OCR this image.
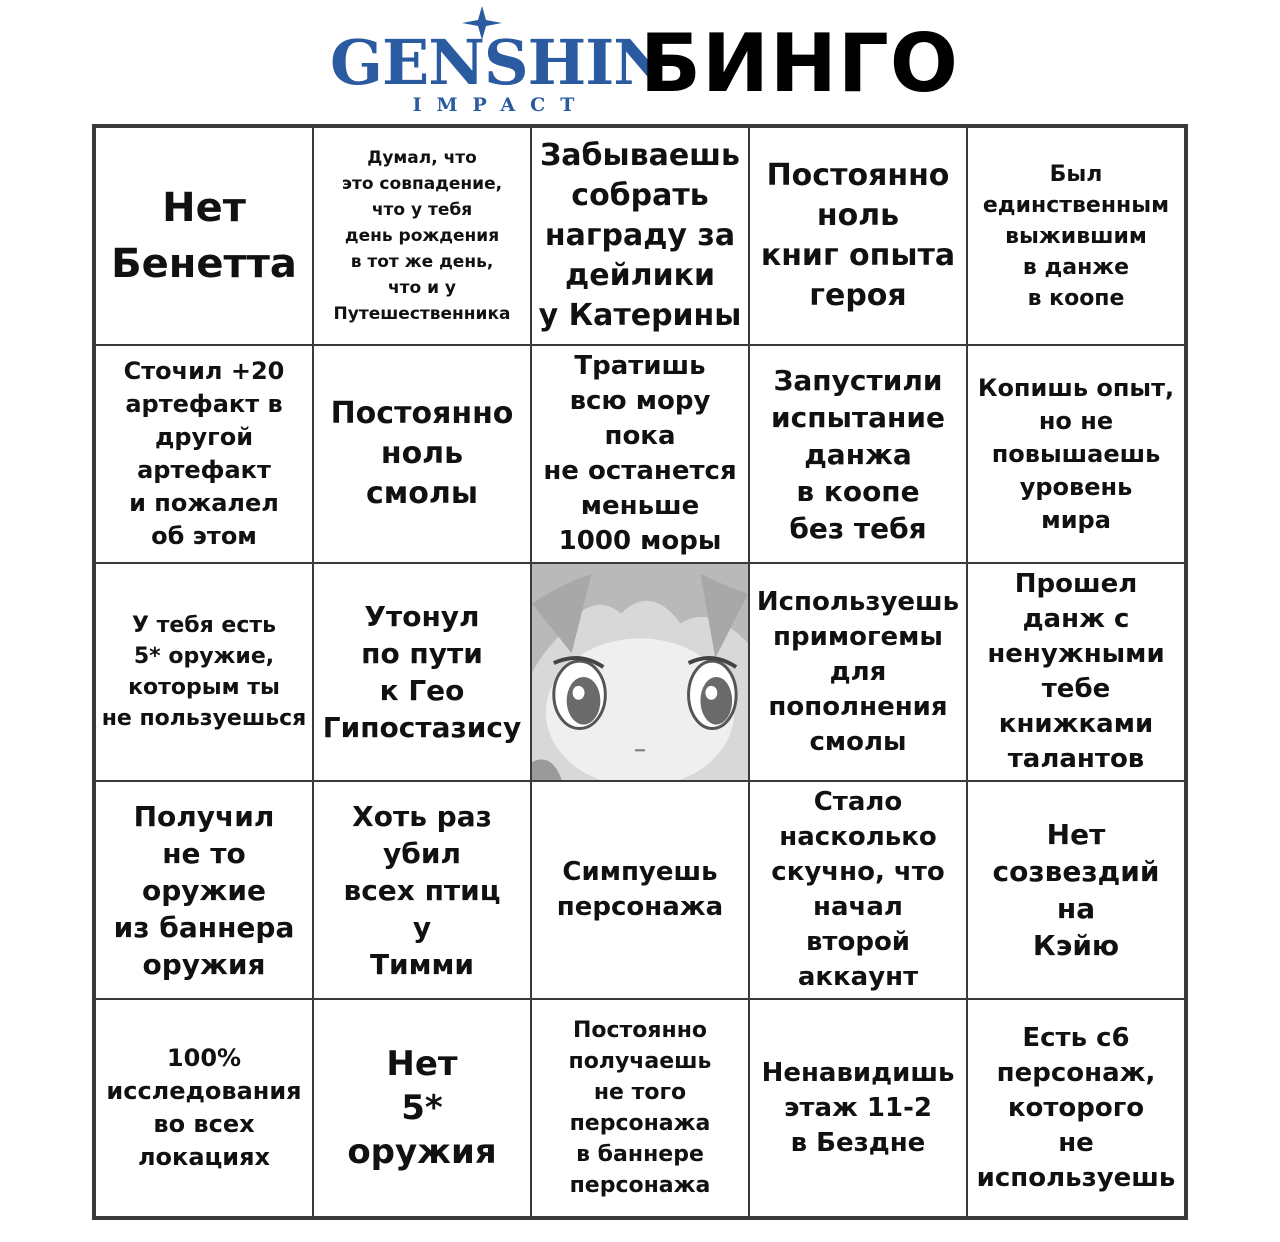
GENSHIN
IMPACT БИНГО
Нет
Бенетта
Думал, что
это совпадение,
что у тебя
день рождения
в тот же день,
что и у
Путешественника
Забываешь
собрать
награду за
дейлики
у Катерины
Постоянно
ноль
книг опыта
героя
Был
единственным
выжившим
в данже
в коопе
Сточил +20
артефакт в
другой
артефакт
и пожалел
об этом
Постоянно
ноль
смолы
Тратишь
всю мору
пока
не останется
меньше
1000 моры
Запустили
испытание
данжа
в коопе
без тебя
Копишь опыт,
но не
повышаешь
уровень
мира
У тебя есть
5* оружие,
которым ты
не пользуешься
Утонул
по пути
к Гео
Гипостазису
Используешь
примогемы
для
пополнения
смолы
Прошел
данж с
ненужными
тебе
книжками
талантов
Получил
не то
оружие
из баннера
оружия
Хоть раз
убил
всех птиц
у
Тимми
Симпуешь
персонажа
Стало
насколько
скучно, что
начал
второй
аккаунт
Нет
созвездий
на
Кэйю
100%
исследования
во всех
локациях
Нет
5*
оружия
Постоянно
получаешь
не того
персонажа
в баннере
персонажа
Ненавидишь
этаж 11-2
в Бездне
Есть с6
персонаж,
которого
не
используешь
